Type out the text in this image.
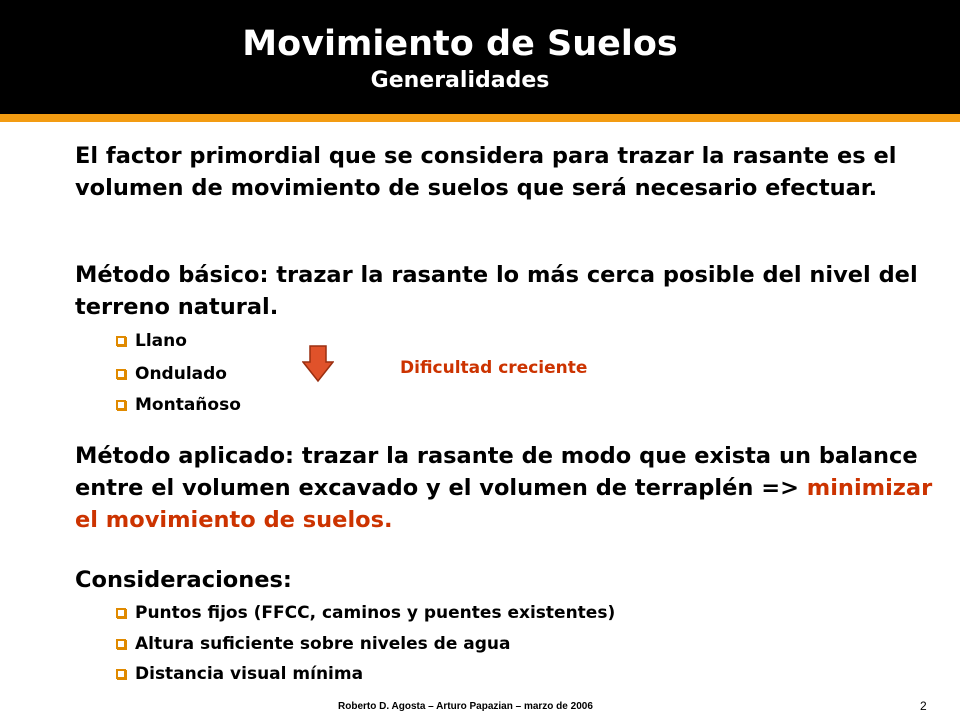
Movimiento de Suelos
Generalidades
El factor primordial que se considera para trazar la rasante es el volumen de movimiento de suelos que será necesario efectuar.
Método básico: trazar la rasante lo más cerca posible del nivel del terreno natural.
Llano
Ondulado
Montañoso
Dificultad creciente
Método aplicado: trazar la rasante de modo que exista un balance entre el volumen excavado y el volumen de terraplén => minimizar el movimiento de suelos.
Consideraciones:
Puntos fijos (FFCC, caminos y puentes existentes)
Altura suficiente sobre niveles de agua
Distancia visual mínima
Roberto D. Agosta – Arturo Papazian – marzo de 2006	2
